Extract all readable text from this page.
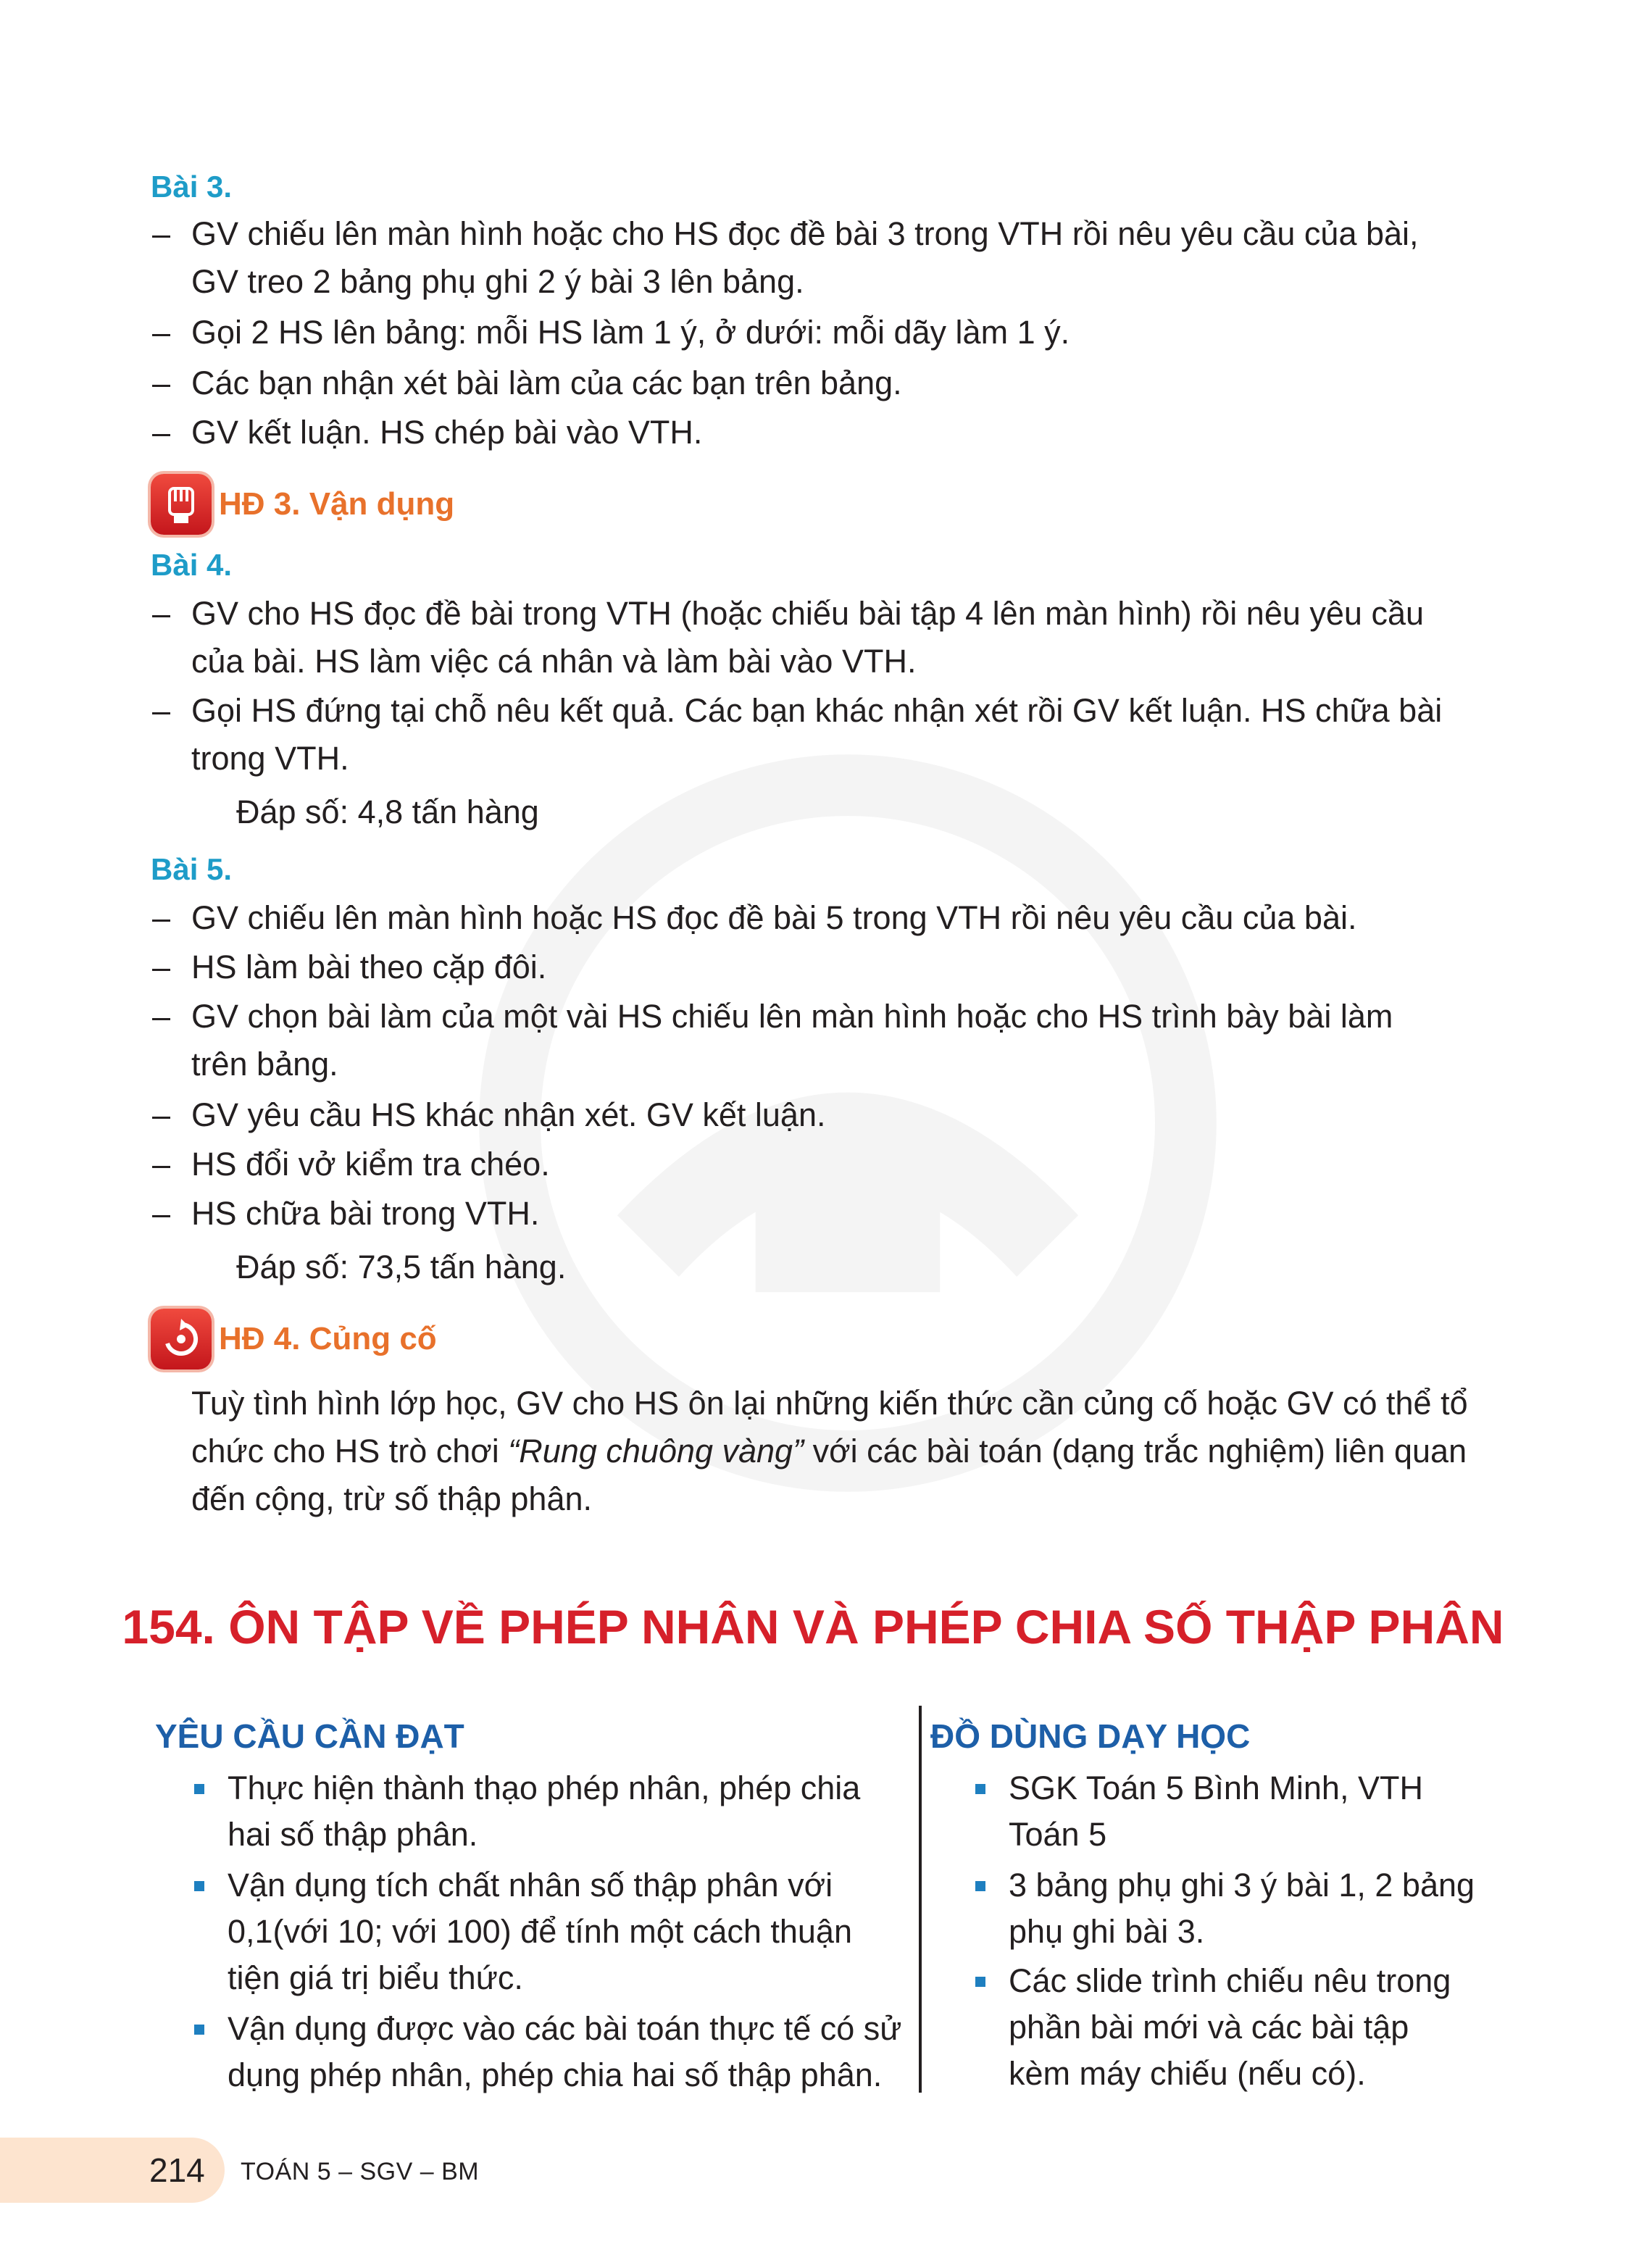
Bài 3.
– GV chiếu lên màn hình hoặc cho HS đọc đề bài 3 trong VTH rồi nêu yêu cầu của bài,
GV treo 2 bảng phụ ghi 2 ý bài 3 lên bảng.
– Gọi 2 HS lên bảng: mỗi HS làm 1 ý, ở dưới: mỗi dãy làm 1 ý.
– Các bạn nhận xét bài làm của các bạn trên bảng.
– GV kết luận. HS chép bài vào VTH.
HĐ 3. Vận dụng
Bài 4.
– GV cho HS đọc đề bài trong VTH (hoặc chiếu bài tập 4 lên màn hình) rồi nêu yêu cầu
của bài. HS làm việc cá nhân và làm bài vào VTH.
– Gọi HS đứng tại chỗ nêu kết quả. Các bạn khác nhận xét rồi GV kết luận. HS chữa bài
trong VTH.
Đáp số: 4,8 tấn hàng
Bài 5.
– GV chiếu lên màn hình hoặc HS đọc đề bài 5 trong VTH rồi nêu yêu cầu của bài.
– HS làm bài theo cặp đôi.
– GV chọn bài làm của một vài HS chiếu lên màn hình hoặc cho HS trình bày bài làm
trên bảng.
– GV yêu cầu HS khác nhận xét. GV kết luận.
– HS đổi vở kiểm tra chéo.
– HS chữa bài trong VTH.
Đáp số: 73,5 tấn hàng.
HĐ 4. Củng cố
Tuỳ tình hình lớp học, GV cho HS ôn lại những kiến thức cần củng cố hoặc GV có thể tổ
chức cho HS trò chơi “Rung chuông vàng” với các bài toán (dạng trắc nghiệm) liên quan
đến cộng, trừ số thập phân.
154. ÔN TẬP VỀ PHÉP NHÂN VÀ PHÉP CHIA SỐ THẬP PHÂN
YÊU CẦU CẦN ĐẠT
Thực hiện thành thạo phép nhân, phép chia
hai số thập phân.
Vận dụng tích chất nhân số thập phân với
0,1(với 10; với 100) để tính một cách thuận
tiện giá trị biểu thức.
Vận dụng được vào các bài toán thực tế có sử
dụng phép nhân, phép chia hai số thập phân.
ĐỒ DÙNG DẠY HỌC
SGK Toán 5 Bình Minh, VTH
Toán 5
3 bảng phụ ghi 3 ý bài 1, 2 bảng
phụ ghi bài 3.
Các slide trình chiếu nêu trong
phần bài mới và các bài tập
kèm máy chiếu (nếu có).
214 TOÁN 5 – SGV – BM
